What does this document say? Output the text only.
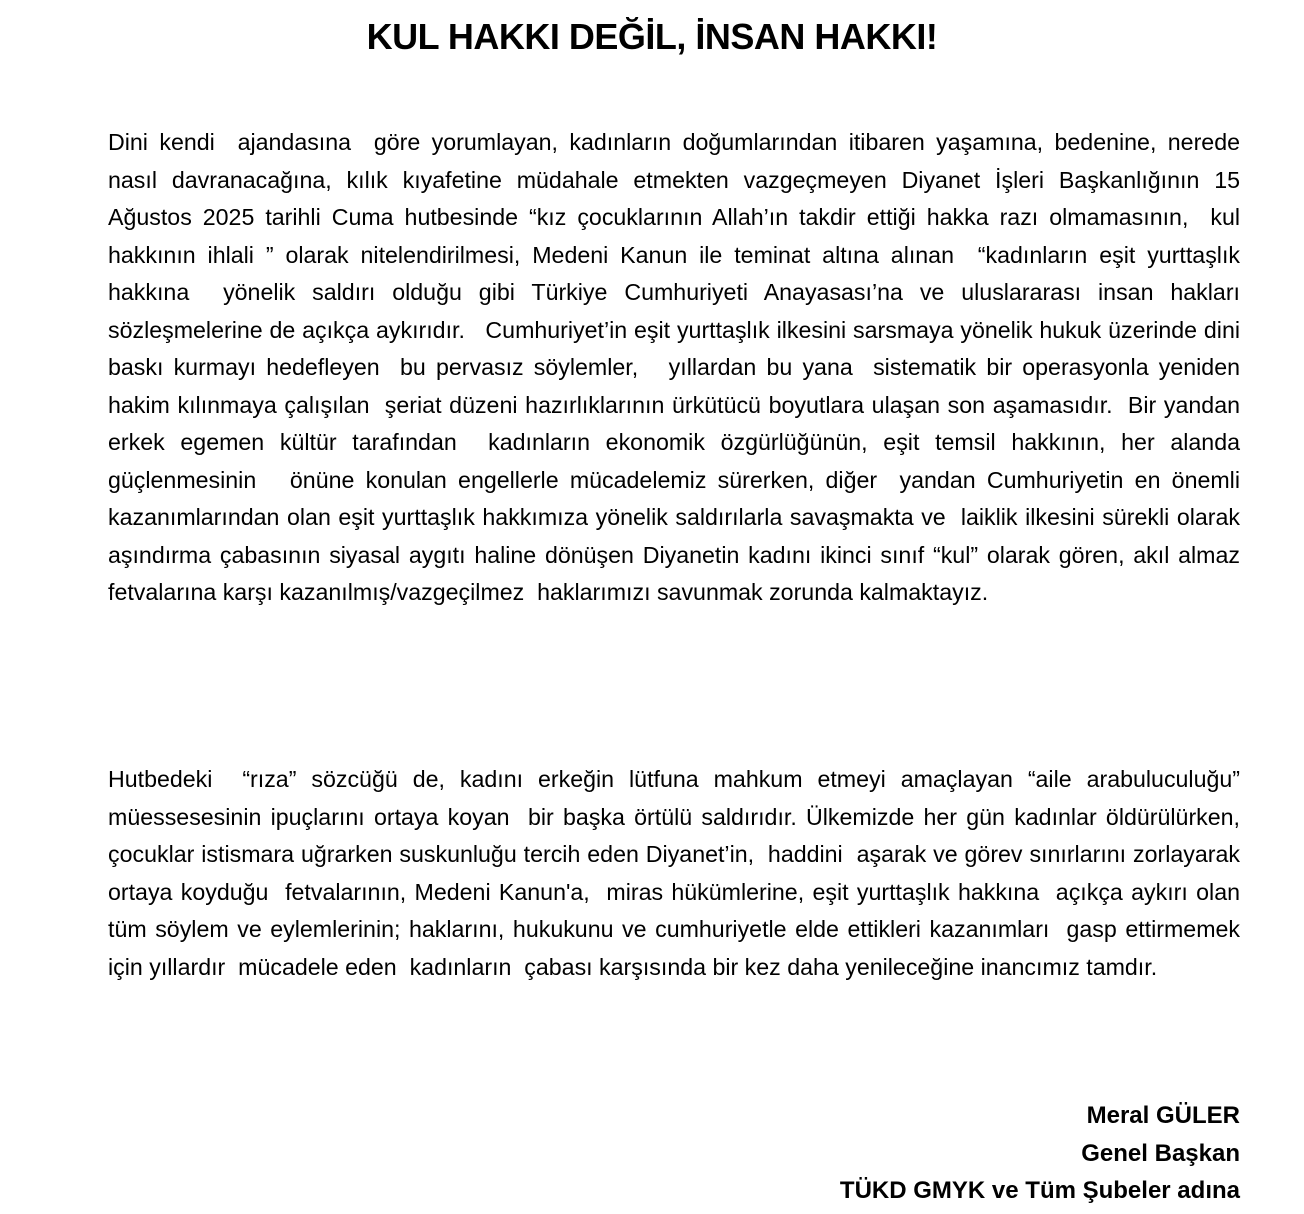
KUL HAKKI DEĞİL, İNSAN HAKKI!

Dini kendi  ajandasına  göre yorumlayan, kadınların doğumlarından itibaren yaşamına, bedenine, nerede  nasıl davranacağına, kılık kıyafetine müdahale etmekten vazgeçmeyen Diyanet İşleri Başkanlığının 15 Ağustos 2025 tarihli Cuma hutbesinde “kız çocuklarının Allah’ın takdir ettiği hakka razı olmamasının,  kul hakkının ihlali ” olarak nitelendirilmesi, Medeni Kanun ile teminat altına alınan  “kadınların eşit yurttaşlık hakkına  yönelik saldırı olduğu gibi Türkiye Cumhuriyeti Anayasası’na ve uluslararası insan hakları sözleşmelerine de açıkça aykırıdır.   Cumhuriyet’in eşit yurttaşlık ilkesini sarsmaya yönelik hukuk üzerinde dini baskı kurmayı hedefleyen  bu pervasız söylemler,   yıllardan bu yana  sistematik bir operasyonla yeniden hakim kılınmaya çalışılan  şeriat düzeni hazırlıklarının ürkütücü boyutlara ulaşan son aşamasıdır.  Bir yandan erkek egemen kültür tarafından  kadınların ekonomik özgürlüğünün, eşit temsil hakkının, her alanda  güçlenmesinin   önüne konulan engellerle mücadelemiz sürerken, diğer  yandan Cumhuriyetin en önemli kazanımlarından olan eşit yurttaşlık hakkımıza yönelik saldırılarla savaşmakta ve  laiklik ilkesini sürekli olarak aşındırma çabasının siyasal aygıtı haline dönüşen Diyanetin kadını ikinci sınıf “kul” olarak gören, akıl almaz  fetvalarına karşı kazanılmış/vazgeçilmez  haklarımızı savunmak zorunda kalmaktayız.

Hutbedeki  “rıza” sözcüğü de, kadını erkeğin lütfuna mahkum etmeyi amaçlayan “aile arabuluculuğu” müessesesinin ipuçlarını ortaya koyan  bir başka örtülü saldırıdır. Ülkemizde her gün kadınlar öldürülürken, çocuklar istismara uğrarken suskunluğu tercih eden Diyanet’in,  haddini  aşarak ve görev sınırlarını zorlayarak  ortaya koyduğu  fetvalarının, Medeni Kanun'a,  miras hükümlerine, eşit yurttaşlık hakkına  açıkça aykırı olan tüm söylem ve eylemlerinin; haklarını, hukukunu ve cumhuriyetle elde ettikleri kazanımları  gasp ettirmemek için yıllardır  mücadele eden  kadınların  çabası karşısında bir kez daha yenileceğine inancımız tamdır.

Meral GÜLER
Genel Başkan
TÜKD GMYK ve Tüm Şubeler adına
